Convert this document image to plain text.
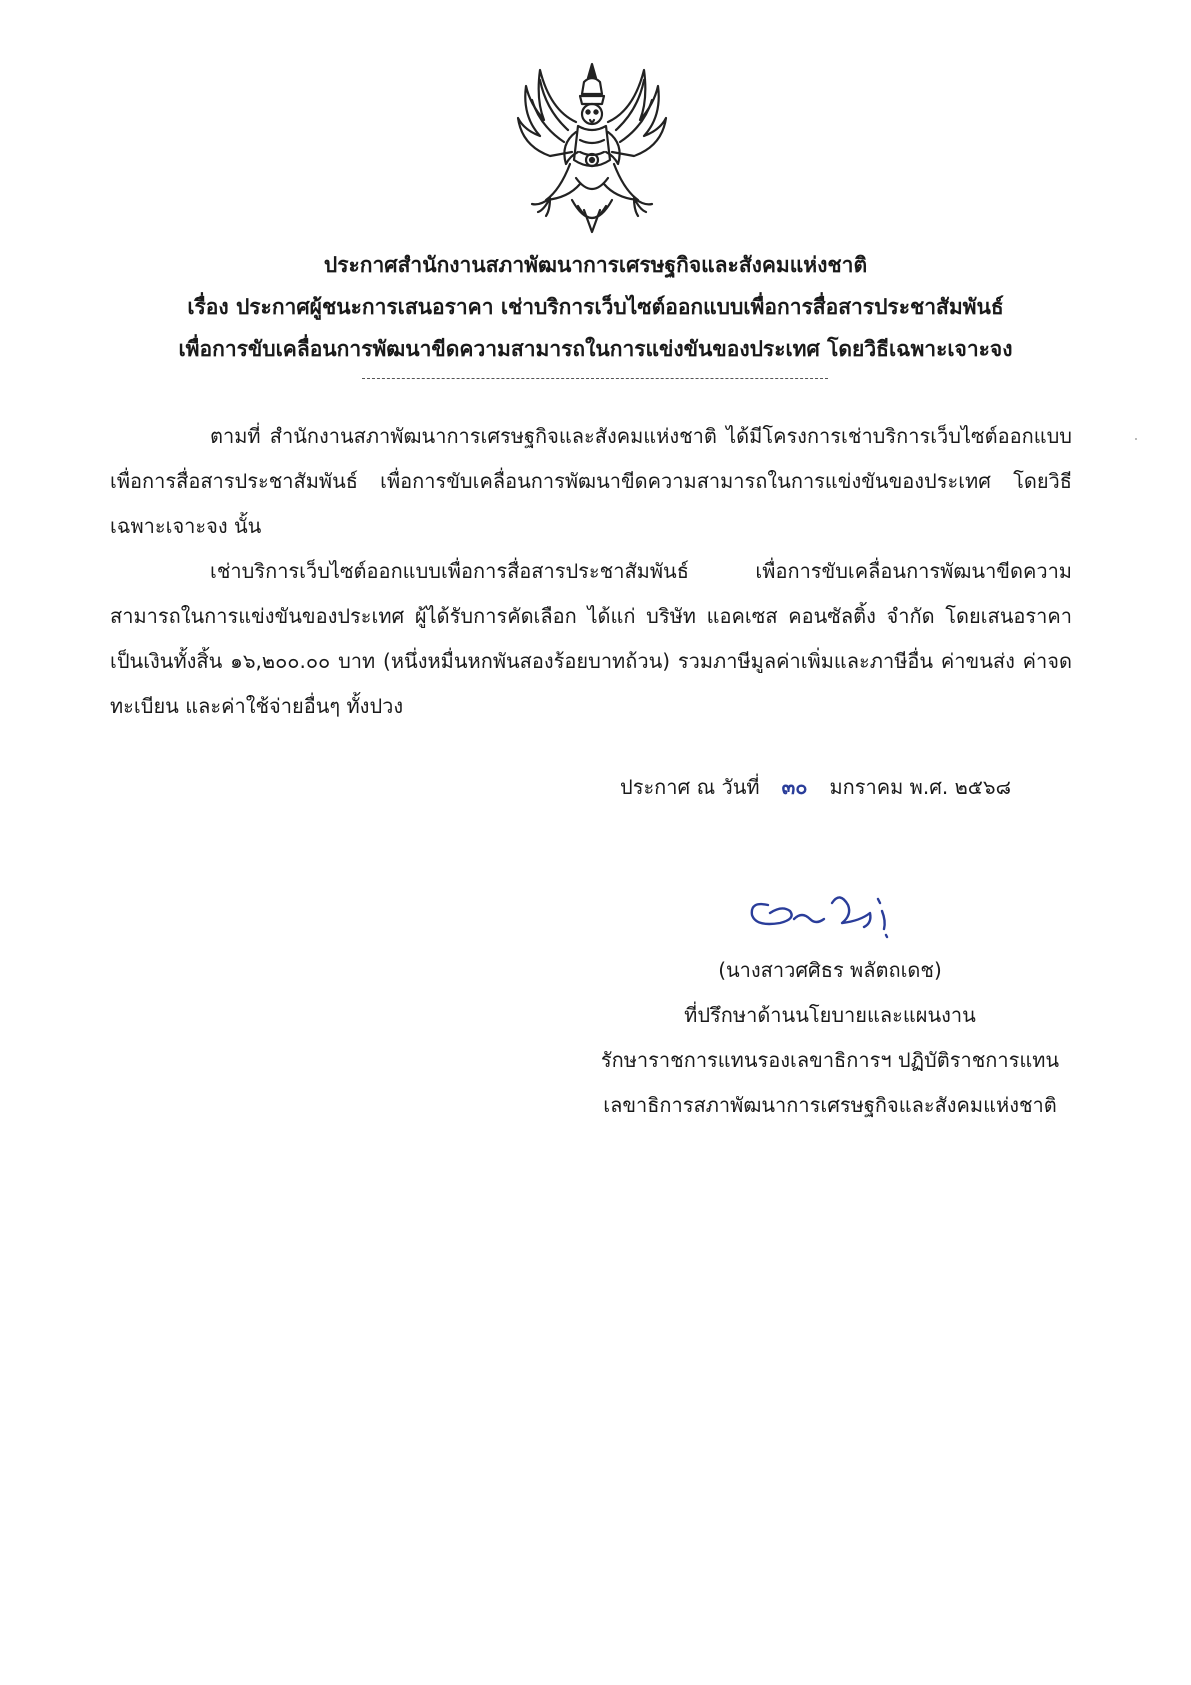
ประกาศสำนักงานสภาพัฒนาการเศรษฐกิจและสังคมแห่งชาติ
เรื่อง ประกาศผู้ชนะการเสนอราคา เช่าบริการเว็บไซต์ออกแบบเพื่อการสื่อสารประชาสัมพันธ์
เพื่อการขับเคลื่อนการพัฒนาขีดความสามารถในการแข่งขันของประเทศ โดยวิธีเฉพาะเจาะจง
ตามที่ สำนักงานสภาพัฒนาการเศรษฐกิจและสังคมแห่งชาติ ได้มีโครงการเช่าบริการเว็บไซต์ออกแบบเพื่อการสื่อสารประชาสัมพันธ์ เพื่อการขับเคลื่อนการพัฒนาขีดความสามารถในการแข่งขันของประเทศ โดยวิธีเฉพาะเจาะจง นั้น
เช่าบริการเว็บไซต์ออกแบบเพื่อการสื่อสารประชาสัมพันธ์ เพื่อการขับเคลื่อนการพัฒนาขีดความสามารถในการแข่งขันของประเทศ ผู้ได้รับการคัดเลือก ได้แก่ บริษัท แอคเซส คอนซัลติ้ง จำกัด โดยเสนอราคา เป็นเงินทั้งสิ้น ๑๖,๒๐๐.๐๐ บาท (หนึ่งหมื่นหกพันสองร้อยบาทถ้วน) รวมภาษีมูลค่าเพิ่มและภาษีอื่น ค่าขนส่ง ค่าจดทะเบียน และค่าใช้จ่ายอื่นๆ ทั้งปวง
ประกาศ ณ วันที่ ๓๐ มกราคม พ.ศ. ๒๕๖๘
(นางสาวศศิธร พลัตถเดช)
ที่ปรึกษาด้านนโยบายและแผนงาน
รักษาราชการแทนรองเลขาธิการฯ ปฏิบัติราชการแทน
เลขาธิการสภาพัฒนาการเศรษฐกิจและสังคมแห่งชาติ
